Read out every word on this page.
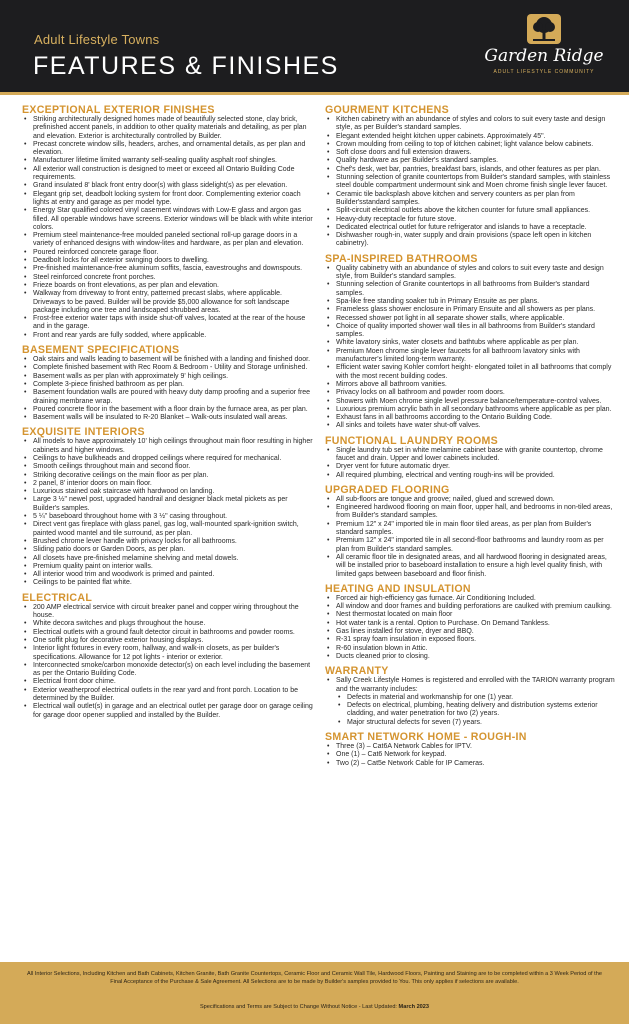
Adult Lifestyle Towns
FEATURES & FINISHES	Garden Ridge
ADULT LIFESTYLE COMMUNITY
EXCEPTIONAL EXTERIOR FINISHES
• Striking architecturally designed homes made of beautifully selected stone, clay brick, prefinished accent panels, in addition to other quality materials and detailing, as per plan and elevation. Exterior is architecturally controlled by Builder.
• Precast concrete window sills, headers, arches, and ornamental details, as per plan and elevation.
• Manufacturer lifetime limited warranty self-sealing quality asphalt roof shingles.
• All exterior wall construction is designed to meet or exceed all Ontario Building Code requirements.
• Grand insulated 8' black front entry door(s) with glass sidelight(s) as per elevation.
• Elegant grip set, deadbolt locking system for front door. Complementing exterior coach lights at entry and garage as per model type.
• Energy Star qualified colored vinyl casement windows with Low-E glass and argon gas filled. All operable windows have screens. Exterior windows will be black with white interior colors.
• Premium steel maintenance-free moulded paneled sectional roll-up garage doors in a variety of enhanced designs with window-lites and hardware, as per plan and elevation.
• Poured reinforced concrete garage floor.
• Deadbolt locks for all exterior swinging doors to dwelling.
• Pre-finished maintenance-free aluminum soffits, fascia, eavestroughs and downspouts.
• Steel reinforced concrete front porches.
• Frieze boards on front elevations, as per plan and elevation.
• Walkway from driveway to front entry, patterned precast slabs, where applicable. Driveways to be paved. Builder will be provide $5,000 allowance for soft landscape package including one tree and landscaped shrubbed areas.
• Frost-free exterior water taps with inside shut-off valves, located at the rear of the house and in the garage.
• Front and rear yards are fully sodded, where applicable.
BASEMENT SPECIFICATIONS
• Oak stairs and walls leading to basement will be finished with a landing and finished door.
• Complete finished basement with Rec Room & Bedroom - Utility and Storage unfinished.
• Basement walls as per plan with approximately 9' high ceilings.
• Complete 3-piece finished bathroom as per plan.
• Basement foundation walls are poured with heavy duty damp proofing and a superior free draining membrane wrap.
• Poured concrete floor in the basement with a floor drain by the furnace area, as per plan.
• Basement walls will be insulated to R-20 Blanket – Walk-outs insulated wall areas.
EXQUISITE INTERIORS
• All models to have approximately 10' high ceilings throughout main floor resulting in higher cabinets and higher windows.
• Ceilings to have bulkheads and dropped ceilings where required for mechanical.
• Smooth ceilings throughout main and second floor.
• Striking decorative ceilings on the main floor as per plan.
• 2 panel, 8' interior doors on main floor.
• Luxurious stained oak staircase with hardwood on landing.
• Large 3 ½" newel post, upgraded handrail and designer black metal pickets as per Builder's samples.
• 5 ¼" baseboard throughout home with 3 ½" casing throughout.
• Direct vent gas fireplace with glass panel, gas log, wall-mounted spark-ignition switch, painted wood mantel and tile surround, as per plan.
• Brushed chrome lever handle with privacy locks for all bathrooms.
• Sliding patio doors or Garden Doors, as per plan.
• All closets have pre-finished melamine shelving and metal dowels.
• Premium quality paint on interior walls.
• All interior wood trim and woodwork is primed and painted.
• Ceilings to be painted flat white.
ELECTRICAL
• 200 AMP electrical service with circuit breaker panel and copper wiring throughout the house.
• White decora switches and plugs throughout the house.
• Electrical outlets with a ground fault detector circuit in bathrooms and powder rooms.
• One soffit plug for decorative exterior housing displays.
• Interior light fixtures in every room, hallway, and walk-in closets, as per builder's specifications. Allowance for 12 pot lights - interior or exterior.
• Interconnected smoke/carbon monoxide detector(s) on each level including the basement as per the Ontario Building Code.
• Electrical front door chime.
• Exterior weatherproof electrical outlets in the rear yard and front porch. Location to be determined by the Builder.
• Electrical wall outlet(s) in garage and an electrical outlet per garage door on garage ceiling for garage door opener supplied and installed by the Builder.
GOURMENT KITCHENS
• Kitchen cabinetry with an abundance of styles and colors to suit every taste and design style, as per Builder's standard samples.
• Elegant extended height kitchen upper cabinets. Approximately 45".
• Crown moulding from ceiling to top of kitchen cabinet; light valance below cabinets.
• Soft close doors and full extension drawers.
• Quality hardware as per Builder's standard samples.
• Chef's desk, wet bar, pantries, breakfast bars, islands, and other features as per plan.
• Stunning selection of granite countertops from Builder's standard samples, with stainless steel double compartment undermount sink and Moen chrome finish single lever faucet.
• Ceramic tile backsplash above kitchen and servery counters as per plan from Builder'sstandard samples.
• Split-circuit electrical outlets above the kitchen counter for future small appliances.
• Heavy-duty receptacle for future stove.
• Dedicated electrical outlet for future refrigerator and islands to have a receptacle.
• Dishwasher rough-in, water supply and drain provisions (space left open in kitchen cabinetry).
SPA-INSPIRED BATHROOMS
• Quality cabinetry with an abundance of styles and colors to suit every taste and design style, from Builder's standard samples.
• Stunning selection of Granite countertops in all bathrooms from Builder's standard samples.
• Spa-like free standing soaker tub in Primary Ensuite as per plans.
• Frameless glass shower enclosure in Primary Ensuite and all showers as per plans.
• Recessed shower pot light in all separate shower stalls, where applicable.
• Choice of quality imported shower wall tiles in all bathrooms from Builder's standard samples.
• White lavatory sinks, water closets and bathtubs where applicable as per plan.
• Premium Moen chrome single lever faucets for all bathroom lavatory sinks with manufacturer's limited long-term warranty.
• Efficient water saving Kohler comfort height- elongated toilet in all bathrooms that comply with the most recent building codes.
• Mirrors above all bathroom vanities.
• Privacy locks on all bathroom and powder room doors.
• Showers with Moen chrome single level pressure balance/temperature-control valves.
• Luxurious premium acrylic bath in all secondary bathrooms where applicable as per plan.
• Exhaust fans in all bathrooms according to the Ontario Building Code.
• All sinks and toilets have water shut-off valves.
FUNCTIONAL LAUNDRY ROOMS
• Single laundry tub set in white melamine cabinet base with granite countertop, chrome faucet and drain. Upper and lower cabinets included.
• Dryer vent for future automatic dryer.
• All required plumbing, electrical and venting rough-ins will be provided.
UPGRADED FLOORING
• All sub-floors are tongue and groove; nailed, glued and screwed down.
• Engineered hardwood flooring on main floor, upper hall, and bedrooms in non-tiled areas, from Builder's standard samples.
• Premium 12" x 24" imported tile in main floor tiled areas, as per plan from Builder's standard samples.
• Premium 12" x 24" imported tile in all second-floor bathrooms and laundry room as per plan from Builder's standard samples.
• All ceramic floor tile in designated areas, and all hardwood flooring in designated areas, will be installed prior to baseboard installation to ensure a high level quality finish, with limited gaps between baseboard and floor finish.
HEATING AND INSULATION
• Forced air high-efficiency gas furnace. Air Conditioning Included.
• All window and door frames and building perforations are caulked with premium caulking.
• Nest thermostat located on main floor
• Hot water tank is a rental. Option to Purchase. On Demand Tankless.
• Gas lines installed for stove, dryer and BBQ.
• R-31 spray foam insulation in exposed floors.
• R-60 insulation blown in Attic.
• Ducts cleaned prior to closing.
WARRANTY
• Sally Creek Lifestyle Homes is registered and enrolled with the TARION warranty program and the warranty includes:
• Defects in material and workmanship for one (1) year.
• Defects on electrical, plumbing, heating delivery and distribution systems exterior cladding, and water penetration for two (2) years.
• Major structural defects for seven (7) years.
SMART NETWORK HOME - ROUGH-IN
• Three (3) – Cat6A Network Cables for IPTV.
• One (1) – Cat6 Network for keypad.
• Two (2) – Cat5e Network Cable for IP Cameras.
All Interior Selections, Including Kitchen and Bath Cabinets, Kitchen Granite, Bath Granite Countertops, Ceramic Floor and Ceramic Wall Tile, Hardwood Floors, Painting and Staining are to be completed within a 3 Week Period of the Final Acceptance of the Purchase & Sale Agreement. All Selections are to be made by Builder's samples provided to You. This only applies if selections are available.
Specifications and Terms are Subject to Change Without Notice - Last Updated: March 2023
